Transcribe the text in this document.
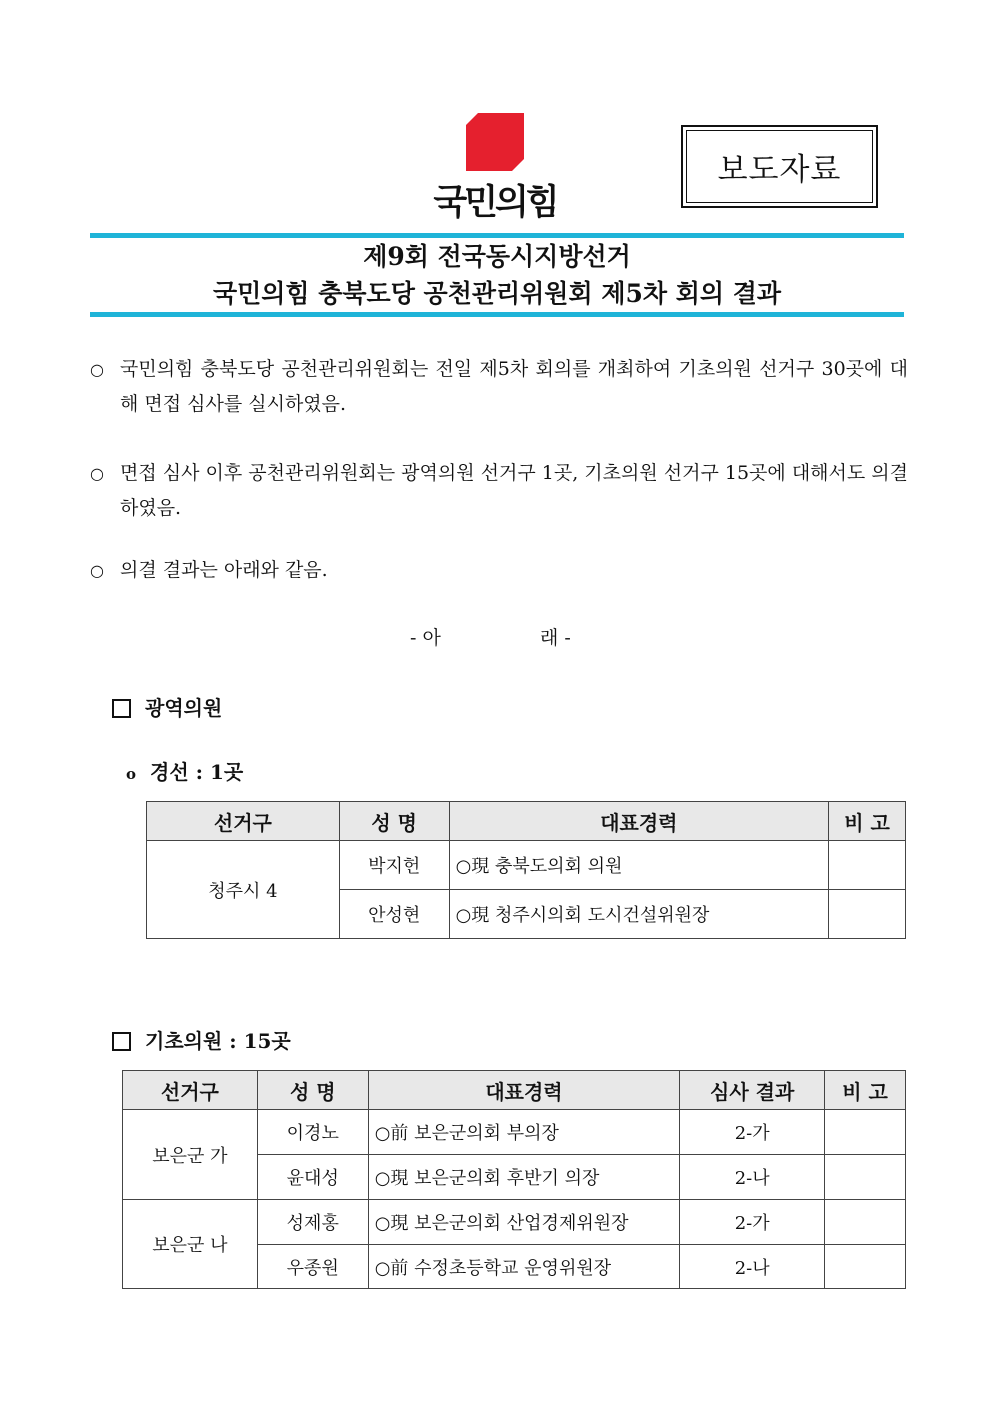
국민의힘
보도자료
제9회 전국동시지방선거
국민의힘 충북도당 공천관리위원회 제5차 회의 결과
○ 국민의힘 충북도당 공천관리위원회는 전일 제5차 회의를 개최하여 기초의원 선거구 30곳에 대해 면접 심사를 실시하였음.
○ 면접 심사 이후 공천관리위원회는 광역의원 선거구 1곳, 기초의원 선거구 15곳에 대해서도 의결하였음.
○ 의결 결과는 아래와 같음.
- 아	래 -
광역의원
o 경선 : 1곳
선거구	성 명	대표경력	비 고
청주시 4	박지헌	○現 충북도의회 의원	
	안성현	○現 청주시의회 도시건설위원장	
기초의원 : 15곳
선거구	성 명	대표경력	심사 결과	비 고
보은군 가	이경노	○前 보은군의회 부의장	2-가	
	윤대성	○現 보은군의회 후반기 의장	2-나	
보은군 나	성제홍	○現 보은군의회 산업경제위원장	2-가	
	우종원	○前 수정초등학교 운영위원장	2-나	
